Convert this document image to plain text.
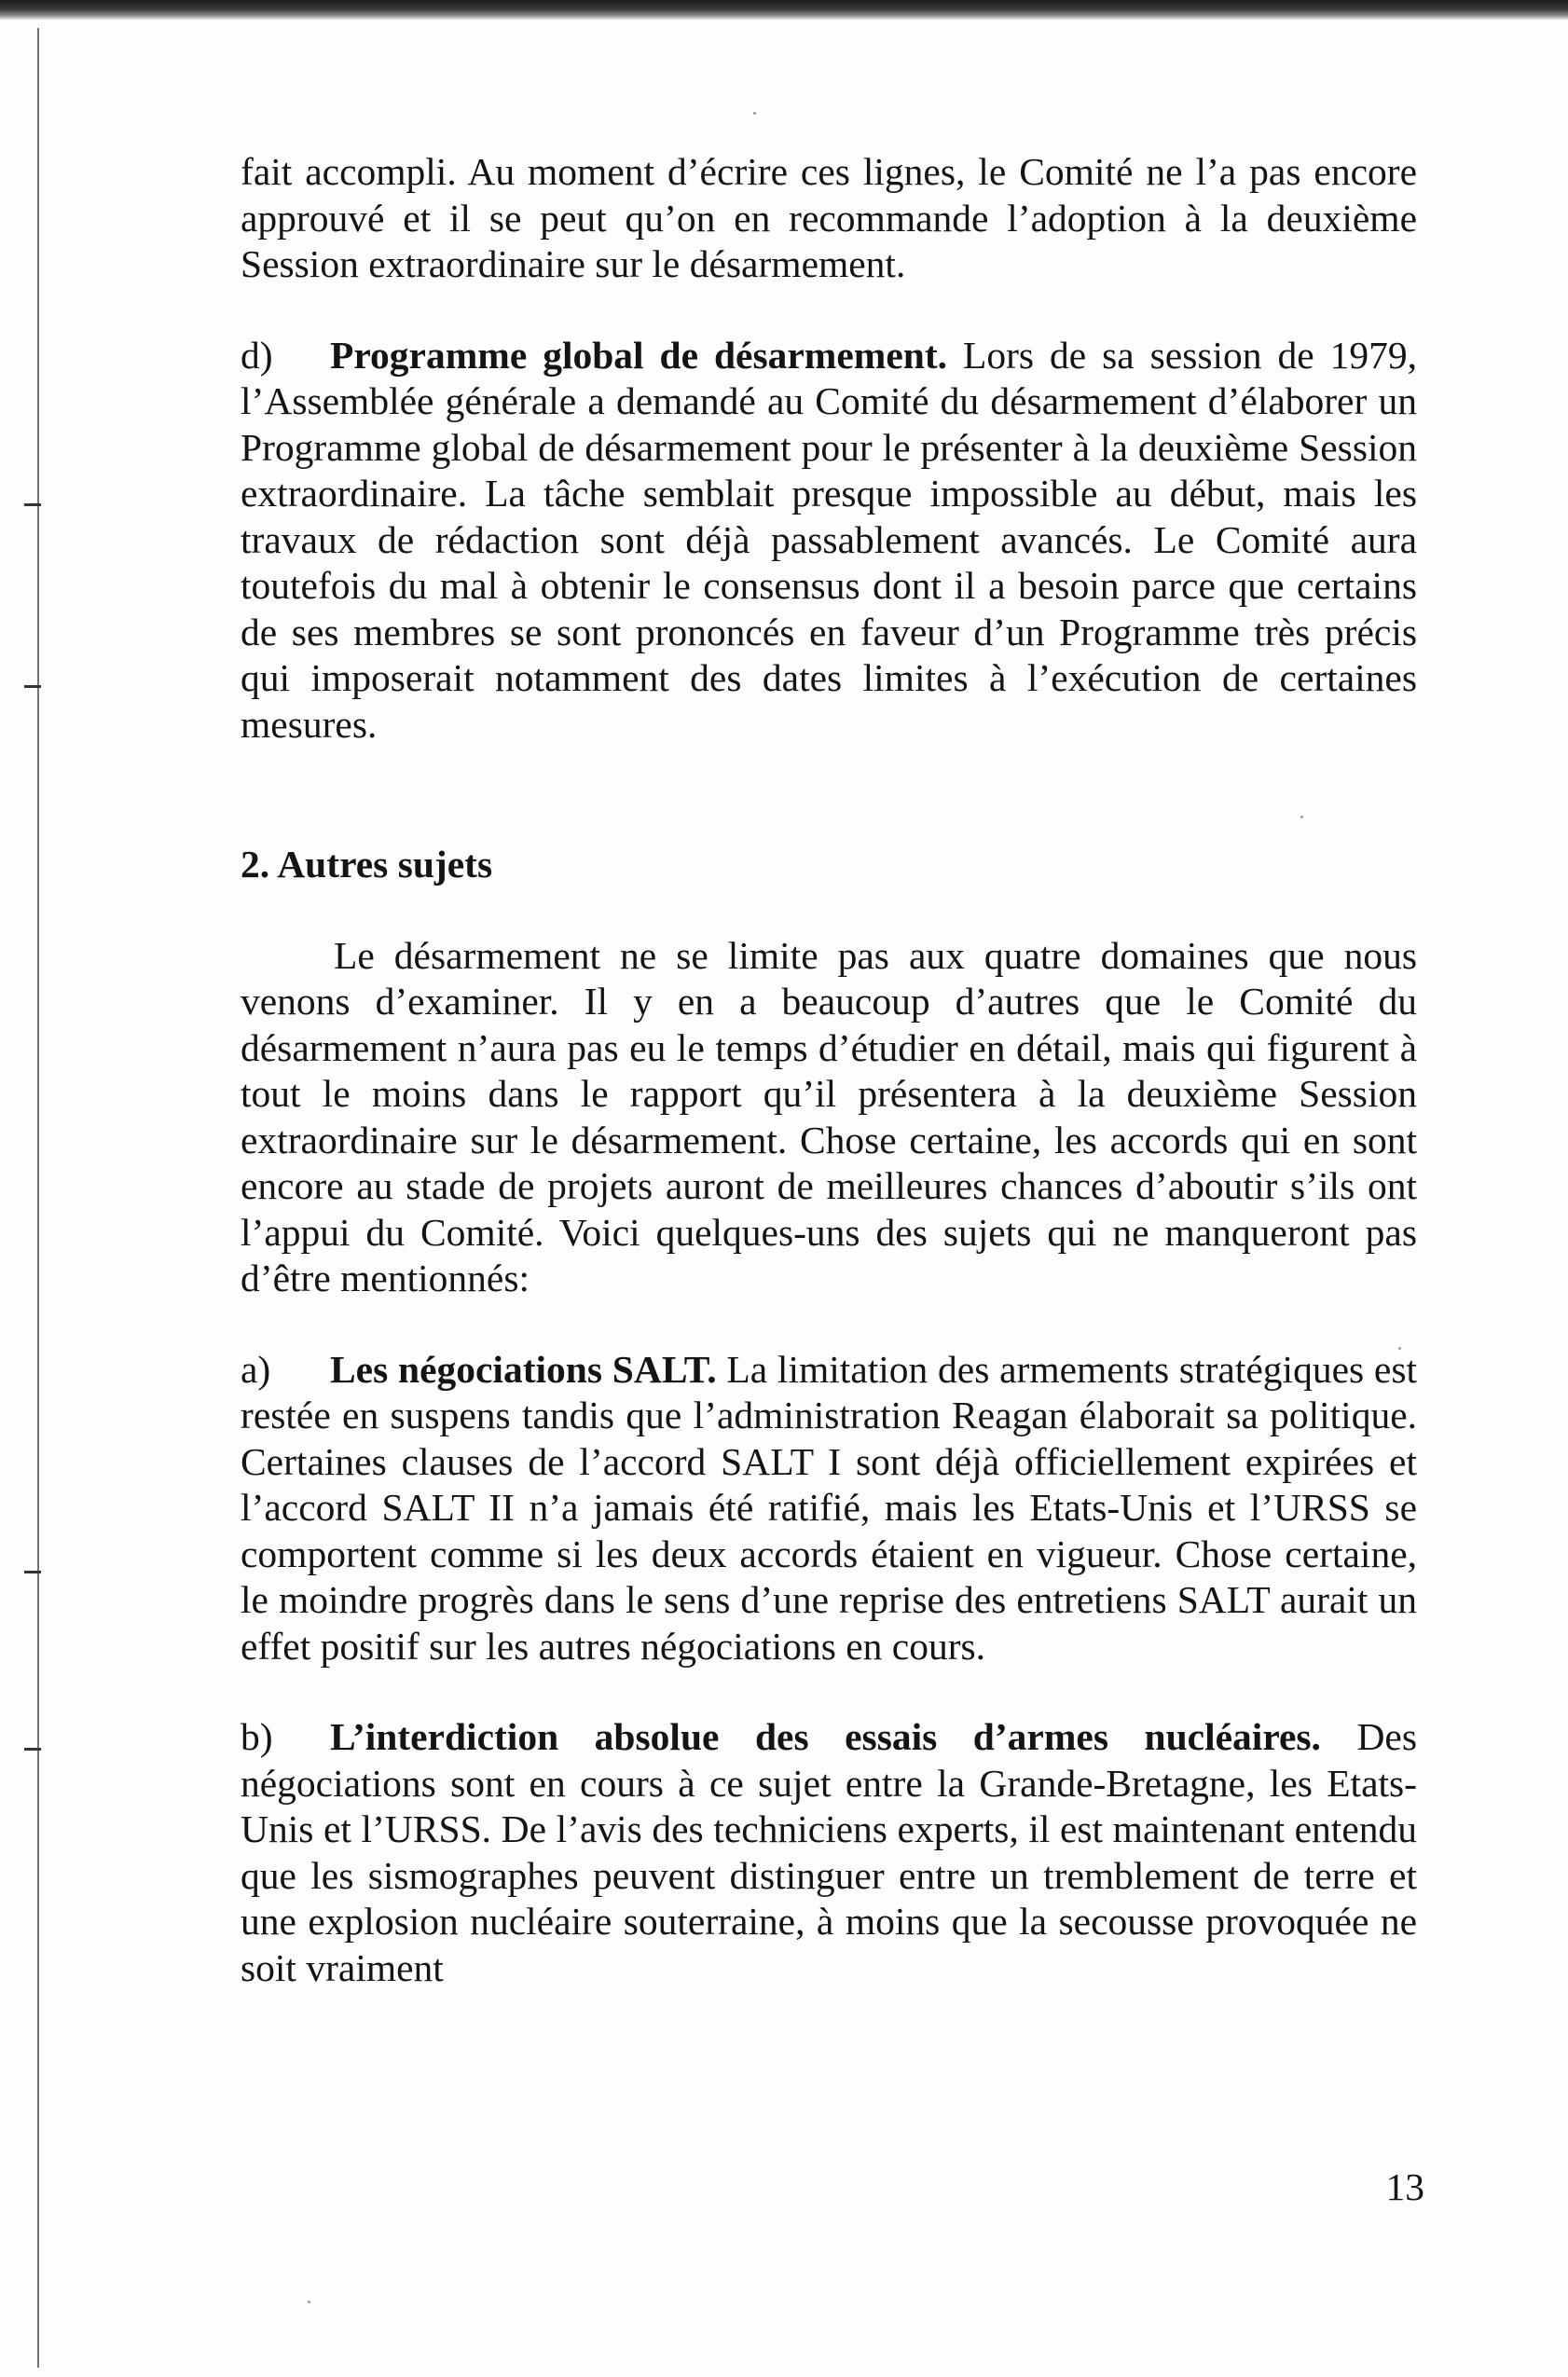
fait accompli. Au moment d’écrire ces lignes, le Comité ne l’a pas encore approuvé et il se peut qu’on en recommande l’adoption à la deuxième Session extraordinaire sur le désarmement.

d) Programme global de désarmement. Lors de sa session de 1979, l’Assemblée générale a demandé au Comité du désarmement d’élaborer un Programme global de désarmement pour le présenter à la deuxième Session extraordinaire. La tâche semblait presque impossible au début, mais les travaux de rédaction sont déjà passablement avancés. Le Comité aura toutefois du mal à obtenir le consensus dont il a besoin parce que certains de ses membres se sont prononcés en faveur d’un Programme très précis qui imposerait notamment des dates limites à l’exécution de certaines mesures.

2. Autres sujets

Le désarmement ne se limite pas aux quatre domaines que nous venons d’examiner. Il y en a beaucoup d’autres que le Comité du désarmement n’aura pas eu le temps d’étudier en détail, mais qui figurent à tout le moins dans le rapport qu’il présentera à la deuxième Session extraordinaire sur le désarmement. Chose certaine, les accords qui en sont encore au stade de projets auront de meilleures chances d’aboutir s’ils ont l’appui du Comité. Voici quelques-uns des sujets qui ne manqueront pas d’être mentionnés:

a) Les négociations SALT. La limitation des armements stratégiques est restée en suspens tandis que l’administration Reagan élaborait sa politique. Certaines clauses de l’accord SALT I sont déjà officiellement expirées et l’accord SALT II n’a jamais été ratifié, mais les Etats-Unis et l’URSS se comportent comme si les deux accords étaient en vigueur. Chose certaine, le moindre progrès dans le sens d’une reprise des entretiens SALT aurait un effet positif sur les autres négociations en cours.

b) L’interdiction absolue des essais d’armes nucléaires. Des négociations sont en cours à ce sujet entre la Grande-Bretagne, les Etats-Unis et l’URSS. De l’avis des techniciens experts, il est maintenant entendu que les sismographes peuvent distinguer entre un tremblement de terre et une explosion nucléaire souterraine, à moins que la secousse provoquée ne soit vraiment

13
